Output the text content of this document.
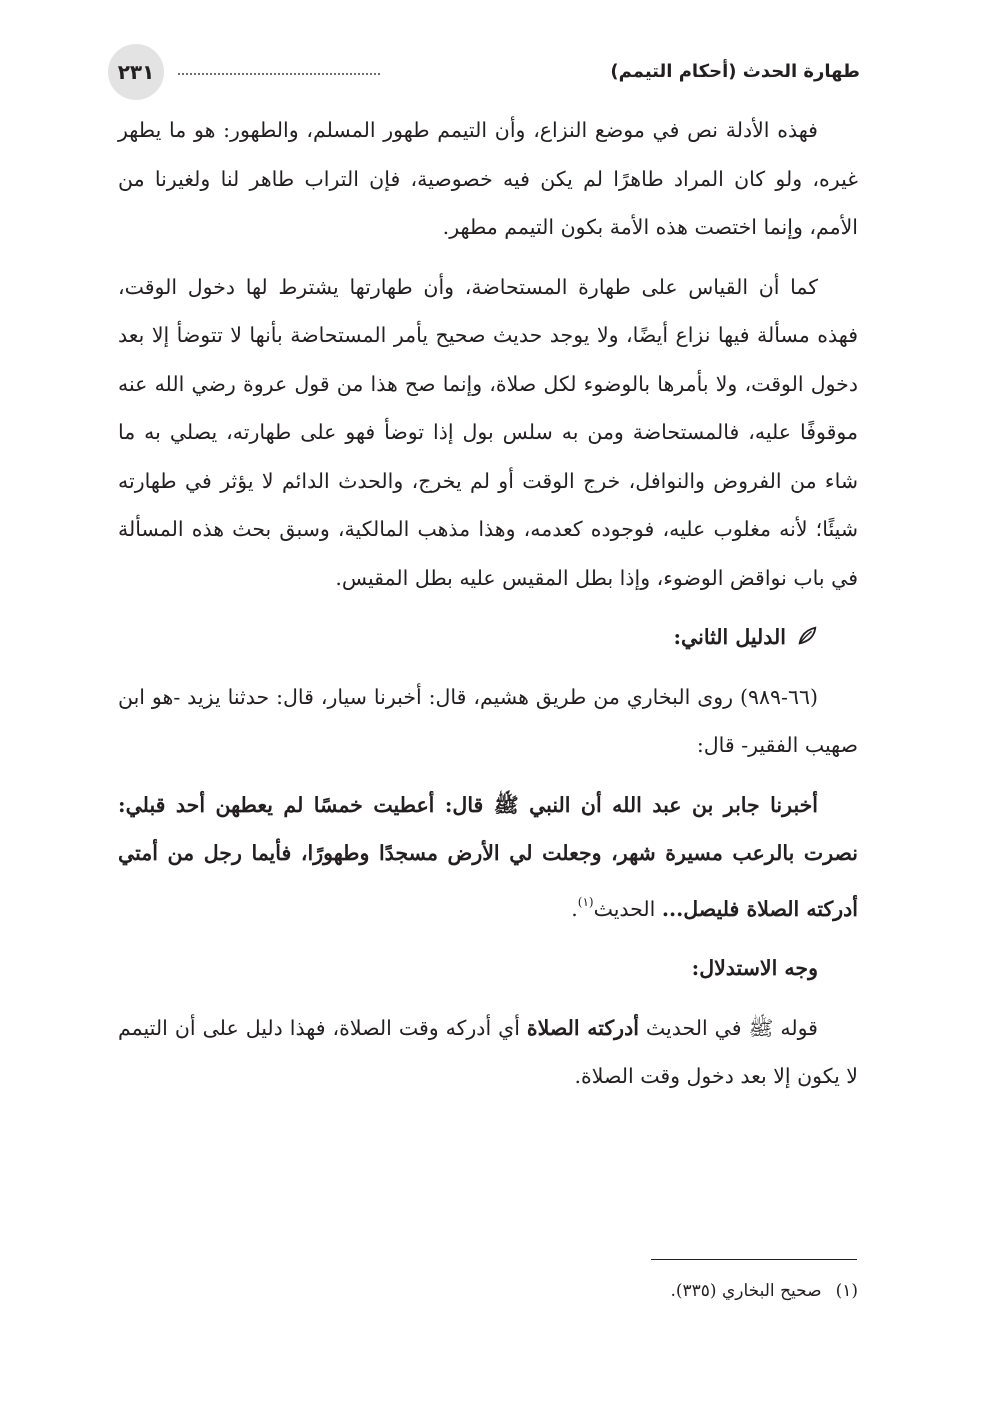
٢٣١	طهارة الحدث (أحكام التيمم)

فهذه الأدلة نص في موضع النزاع، وأن التيمم طهور المسلم، والطهور: هو ما يطهر غيره، ولو كان المراد طاهرًا لم يكن فيه خصوصية، فإن التراب طاهر لنا ولغيرنا من الأمم، وإنما اختصت هذه الأمة بكون التيمم مطهر.

كما أن القياس على طهارة المستحاضة، وأن طهارتها يشترط لها دخول الوقت، فهذه مسألة فيها نزاع أيضًا، ولا يوجد حديث صحيح يأمر المستحاضة بأنها لا تتوضأ إلا بعد دخول الوقت، ولا بأمرها بالوضوء لكل صلاة، وإنما صح هذا من قول عروة رضي الله عنه موقوفًا عليه، فالمستحاضة ومن به سلس بول إذا توضأ فهو على طهارته، يصلي به ما شاء من الفروض والنوافل، خرج الوقت أو لم يخرج، والحدث الدائم لا يؤثر في طهارته شيئًا؛ لأنه مغلوب عليه، فوجوده كعدمه، وهذا مذهب المالكية، وسبق بحث هذه المسألة في باب نواقض الوضوء، وإذا بطل المقيس عليه بطل المقيس.

الدليل الثاني:

(٦٦-٩٨٩) روى البخاري من طريق هشيم، قال: أخبرنا سيار، قال: حدثنا يزيد -هو ابن صهيب الفقير- قال:

أخبرنا جابر بن عبد الله أن النبي ﷺ قال: أعطيت خمسًا لم يعطهن أحد قبلي: نصرت بالرعب مسيرة شهر، وجعلت لي الأرض مسجدًا وطهورًا، فأيما رجل من أمتي أدركته الصلاة فليصل... الحديث$^{(١)}$.

وجه الاستدلال:

قوله ﷺ في الحديث أدركته الصلاة أي أدركه وقت الصلاة، فهذا دليل على أن التيمم لا يكون إلا بعد دخول وقت الصلاة.

(١)صحيح البخاري (٣٣٥).
